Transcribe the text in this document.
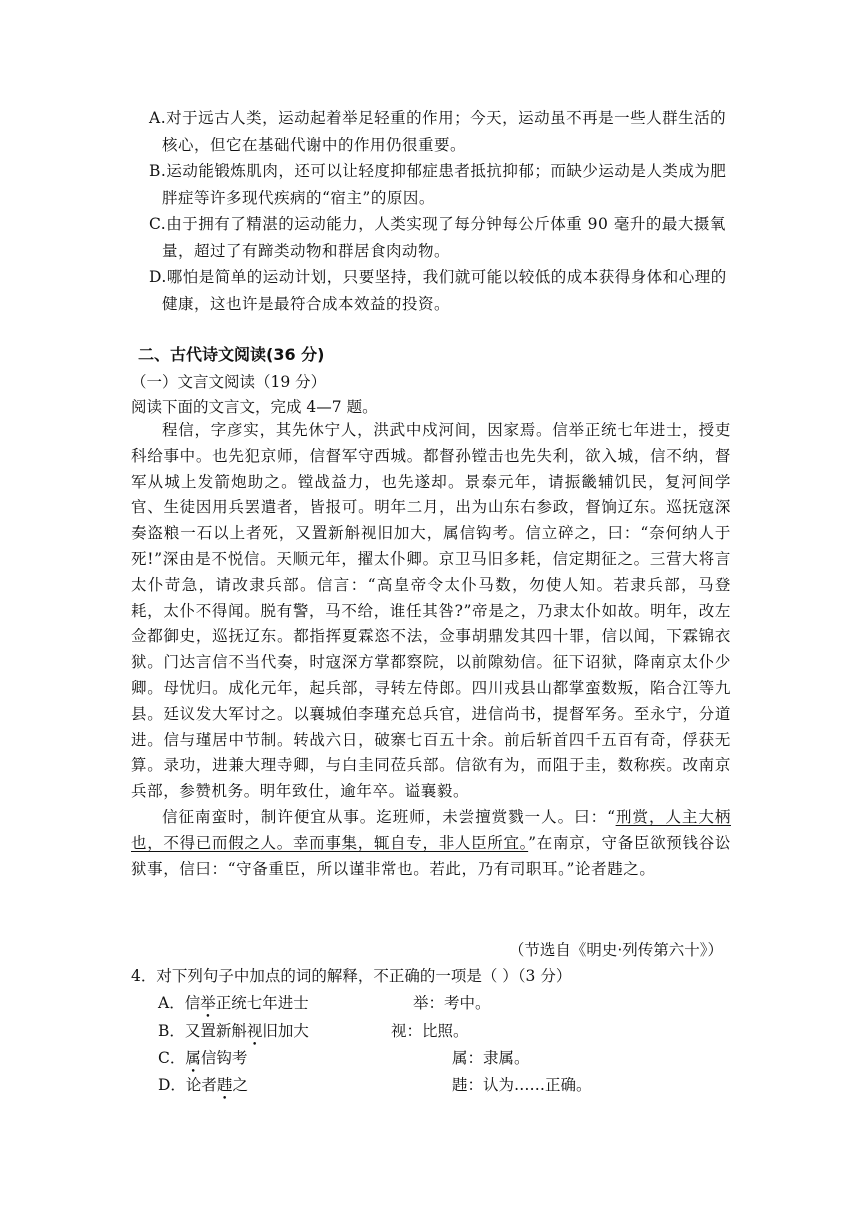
A.对于远古人类，运动起着举足轻重的作用；今天，运动虽不再是一些人群生活的核心，但它在基础代谢中的作用仍很重要。
B.运动能锻炼肌肉，还可以让轻度抑郁症患者抵抗抑郁；而缺少运动是人类成为肥胖症等许多现代疾病的“宿主”的原因。
C.由于拥有了精湛的运动能力，人类实现了每分钟每公斤体重 90 毫升的最大摄氧量，超过了有蹄类动物和群居食肉动物。
D.哪怕是简单的运动计划，只要坚持，我们就可能以较低的成本获得身体和心理的健康，这也许是最符合成本效益的投资。
二、古代诗文阅读(36 分)
（一）文言文阅读（19 分）
阅读下面的文言文，完成 4—7 题。

程信，字彦实，其先休宁人，洪武中戍河间，因家焉。信举正统七年进士，授吏科给事中。也先犯京师，信督军守西城。都督孙镗击也先失利，欲入城，信不纳，督军从城上发箭炮助之。镗战益力，也先遂却。景泰元年，请振畿辅饥民，复河间学官、生徒因用兵罢遣者，皆报可。明年二月，出为山东右参政，督饷辽东。巡抚寇深奏盗粮一石以上者死，又置新斛视旧加大，属信钩考。信立碎之，曰：“奈何纳人于死!”深由是不悦信。天顺元年，擢太仆卿。京卫马旧多耗，信定期征之。三营大将言太仆苛急，请改隶兵部。信言：“高皇帝令太仆马数，勿使人知。若隶兵部，马登耗，太仆不得闻。脱有警，马不给，谁任其咎?”帝是之，乃隶太仆如故。明年，改左佥都御史，巡抚辽东。都指挥夏霖恣不法，佥事胡鼎发其四十罪，信以闻，下霖锦衣狱。门达言信不当代奏，时寇深方掌都察院，以前隙劾信。征下诏狱，降南京太仆少卿。母忧归。成化元年，起兵部，寻转左侍郎。四川戎县山都掌蛮数叛，陷合江等九县。廷议发大军讨之。以襄城伯李瑾充总兵官，进信尚书，提督军务。至永宁，分道进。信与瑾居中节制。转战六日，破寨七百五十余。前后斩首四千五百有奇，俘获无算。录功，进兼大理寺卿，与白圭同莅兵部。信欲有为，而阻于圭，数称疾。改南京兵部，参赞机务。明年致仕，逾年卒。谥襄毅。

信征南蛮时，制许便宜从事。迄班师，未尝擅赏戮一人。曰：“刑赏，人主大柄也，不得已而假之人。幸而事集，辄自专，非人臣所宜。”在南京，守备臣欲预钱谷讼狱事，信曰：“守备重臣，所以谨非常也。若此，乃有司职耳。”论者韪之。

（节选自《明史·列传第六十》）
4．对下列句子中加点的词的解释，不正确的一项是（ ）（3 分）
A．信举正统七年进士	举：考中。
B．又置新斛视旧加大	视：比照。
C．属信钩考	属：隶属。
D．论者韪之	韪：认为……正确。
